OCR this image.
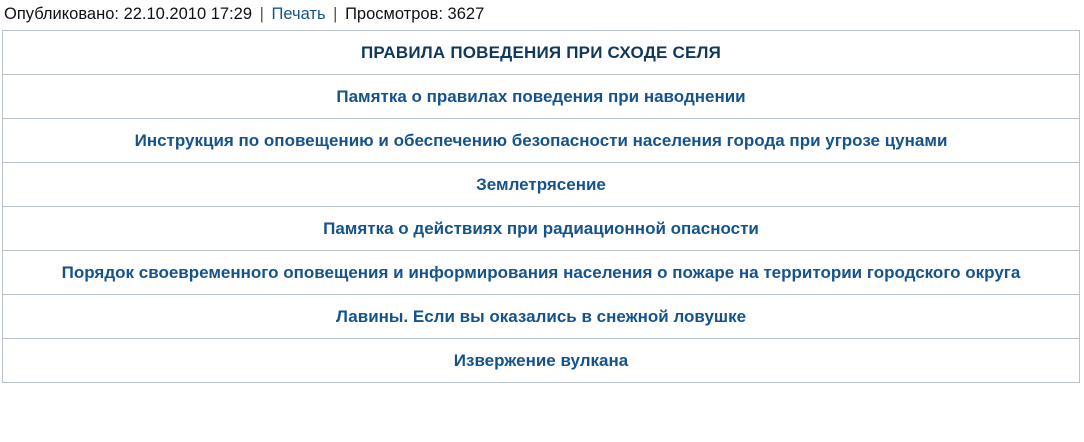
Опубликовано: 22.10.2010 17:29 | Печать | Просмотров: 3627
ПРАВИЛА ПОВЕДЕНИЯ ПРИ СХОДЕ СЕЛЯ
Памятка о правилах поведения при наводнении
Инструкция по оповещению и обеспечению безопасности населения города при угрозе цунами
Землетрясение
Памятка о действиях при радиационной опасности
Порядок своевременного оповещения и информирования населения о пожаре на территории городского округа
Лавины. Если вы оказались в снежной ловушке
Извержение вулкана
